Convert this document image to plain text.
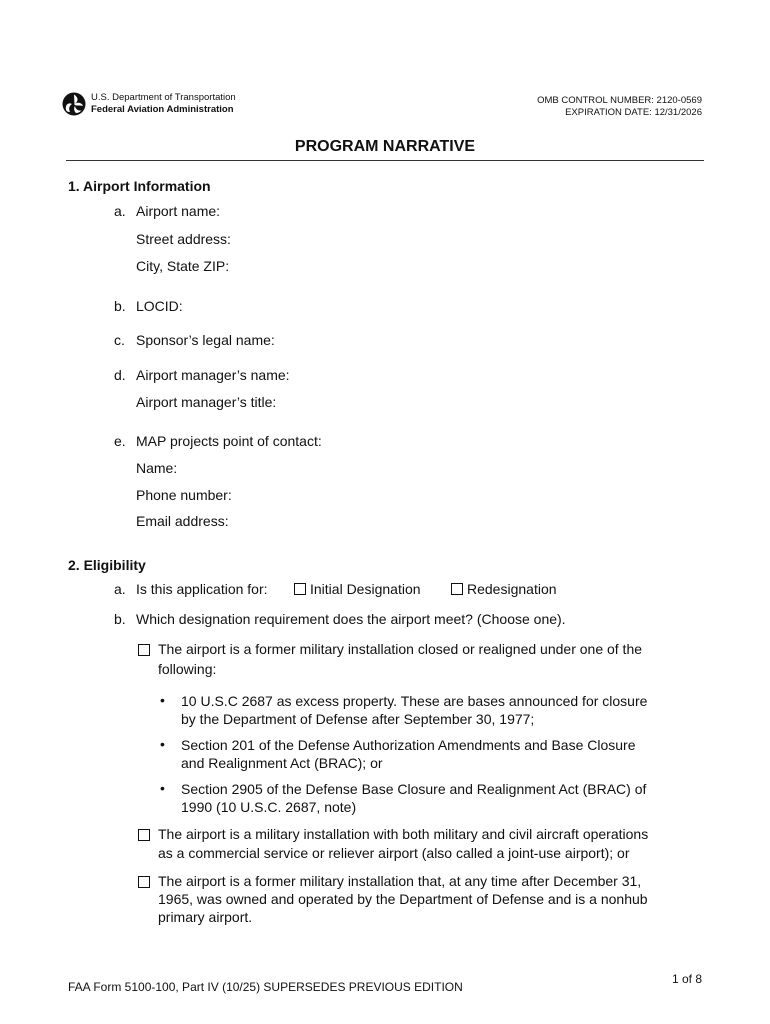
U.S. Department of Transportation
Federal Aviation Administration
OMB CONTROL NUMBER: 2120-0569
EXPIRATION DATE: 12/31/2026
PROGRAM NARRATIVE
1. Airport Information
a. Airport name:
Street address:
City, State ZIP:
b. LOCID:
c. Sponsor’s legal name:
d. Airport manager’s name:
Airport manager’s title:
e. MAP projects point of contact:
Name:
Phone number:
Email address:
2. Eligibility
a. Is this application for:	Initial Designation	Redesignation
b. Which designation requirement does the airport meet? (Choose one).
The airport is a former military installation closed or realigned under one of the
following:
• 10 U.S.C 2687 as excess property. These are bases announced for closure
by the Department of Defense after September 30, 1977;
• Section 201 of the Defense Authorization Amendments and Base Closure
and Realignment Act (BRAC); or
• Section 2905 of the Defense Base Closure and Realignment Act (BRAC) of
1990 (10 U.S.C. 2687, note)
The airport is a military installation with both military and civil aircraft operations
as a commercial service or reliever airport (also called a joint-use airport); or
The airport is a former military installation that, at any time after December 31,
1965, was owned and operated by the Department of Defense and is a nonhub
primary airport.
FAA Form 5100-100, Part IV (10/25) SUPERSEDES PREVIOUS EDITION
1 of 8
